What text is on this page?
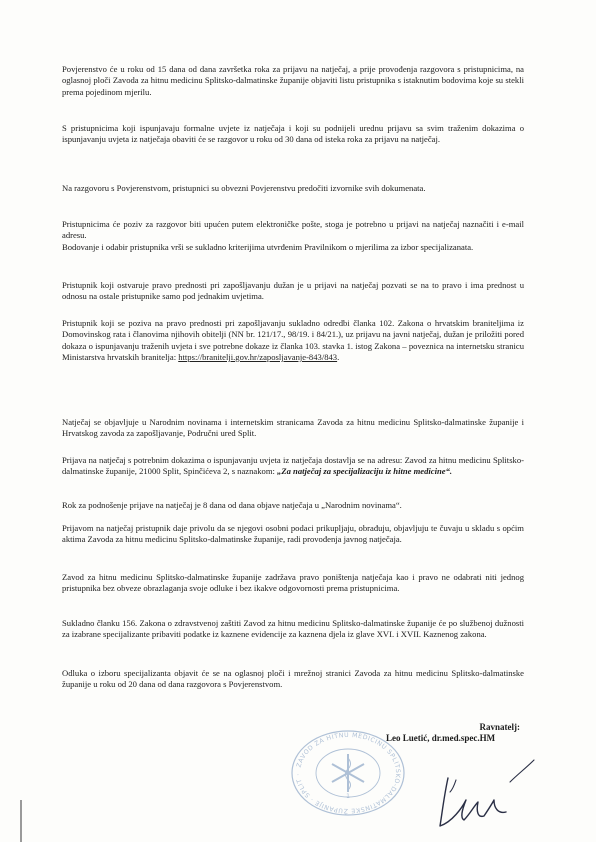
Povjerenstvo će u roku od 15 dana od dana završetka roka za prijavu na natječaj, a prije provođenja razgovora s pristupnicima, na oglasnoj ploči Zavoda za hitnu medicinu Splitsko-dalmatinske županije objaviti listu pristupnika s istaknutim bodovima koje su stekli prema pojedinom mjerilu.

S pristupnicima koji ispunjavaju formalne uvjete iz natječaja i koji su podnijeli urednu prijavu sa svim traženim dokazima o ispunjavanju uvjeta iz natječaja obaviti će se razgovor u roku od 30 dana od isteka roka za prijavu na natječaj.

Na razgovoru s Povjerenstvom, pristupnici su obvezni Povjerenstvu predočiti izvornike svih dokumenata.

Pristupnicima će poziv za razgovor biti upućen putem elektroničke pošte, stoga je potrebno u prijavi na natječaj naznačiti i e-mail adresu.

Bodovanje i odabir pristupnika vrši se sukladno kriterijima utvrđenim Pravilnikom o mjerilima za izbor specijalizanata.

Pristupnik koji ostvaruje pravo prednosti pri zapošljavanju dužan je u prijavi na natječaj pozvati se na to pravo i ima prednost u odnosu na ostale pristupnike samo pod jednakim uvjetima.

Pristupnik koji se poziva na pravo prednosti pri zapošljavanju sukladno odredbi članka 102. Zakona o hrvatskim braniteljima iz Domovinskog rata i članovima njihovih obitelji (NN br. 121/17., 98/19. i 84/21.), uz prijavu na javni natječaj, dužan je priložiti pored dokaza o ispunjavanju traženih uvjeta i sve potrebne dokaze iz članka 103. stavka 1. istog Zakona – poveznica na internetsku stranicu Ministarstva hrvatskih branitelja: https://branitelji.gov.hr/zaposljavanje-843/843.

Natječaj se objavljuje u Narodnim novinama i internetskim stranicama Zavoda za hitnu medicinu Splitsko-dalmatinske županije i Hrvatskog zavoda za zapošljavanje, Područni ured Split.

Prijava na natječaj s potrebnim dokazima o ispunjavanju uvjeta iz natječaja dostavlja se na adresu: Zavod za hitnu medicinu Splitsko-dalmatinske županije, 21000 Split, Spinčićeva 2, s naznakom: „Za natječaj za specijalizaciju iz hitne medicine“.

Rok za podnošenje prijave na natječaj je 8 dana od dana objave natječaja u „Narodnim novinama“.

Prijavom na natječaj pristupnik daje privolu da se njegovi osobni podaci prikupljaju, obrađuju, objavljuju te čuvaju u skladu s općim aktima Zavoda za hitnu medicinu Splitsko-dalmatinske županije, radi provođenja javnog natječaja.

Zavod za hitnu medicinu Splitsko-dalmatinske županije zadržava pravo poništenja natječaja kao i pravo ne odabrati niti jednog pristupnika bez obveze obrazlaganja svoje odluke i bez ikakve odgovornosti prema pristupnicima.

Sukladno članku 156. Zakona o zdravstvenoj zaštiti Zavod za hitnu medicinu Splitsko-dalmatinske županije će po službenoj dužnosti za izabrane specijalizante pribaviti podatke iz kaznene evidencije za kaznena djela iz glave XVI. i XVII. Kaznenog zakona.

Odluka o izboru specijalizanta objavit će se na oglasnoj ploči i mrežnoj stranici Zavoda za hitnu medicinu Splitsko-dalmatinske županije u roku od 20 dana od dana razgovora s Povjerenstvom.

1
ZAVOD ZA HITNU MEDICINU SPLITSKO-DALMATINSKE ŽUPANIJE · SPLIT ·

Ravnatelj:

Leo Luetić, dr.med.spec.HM
